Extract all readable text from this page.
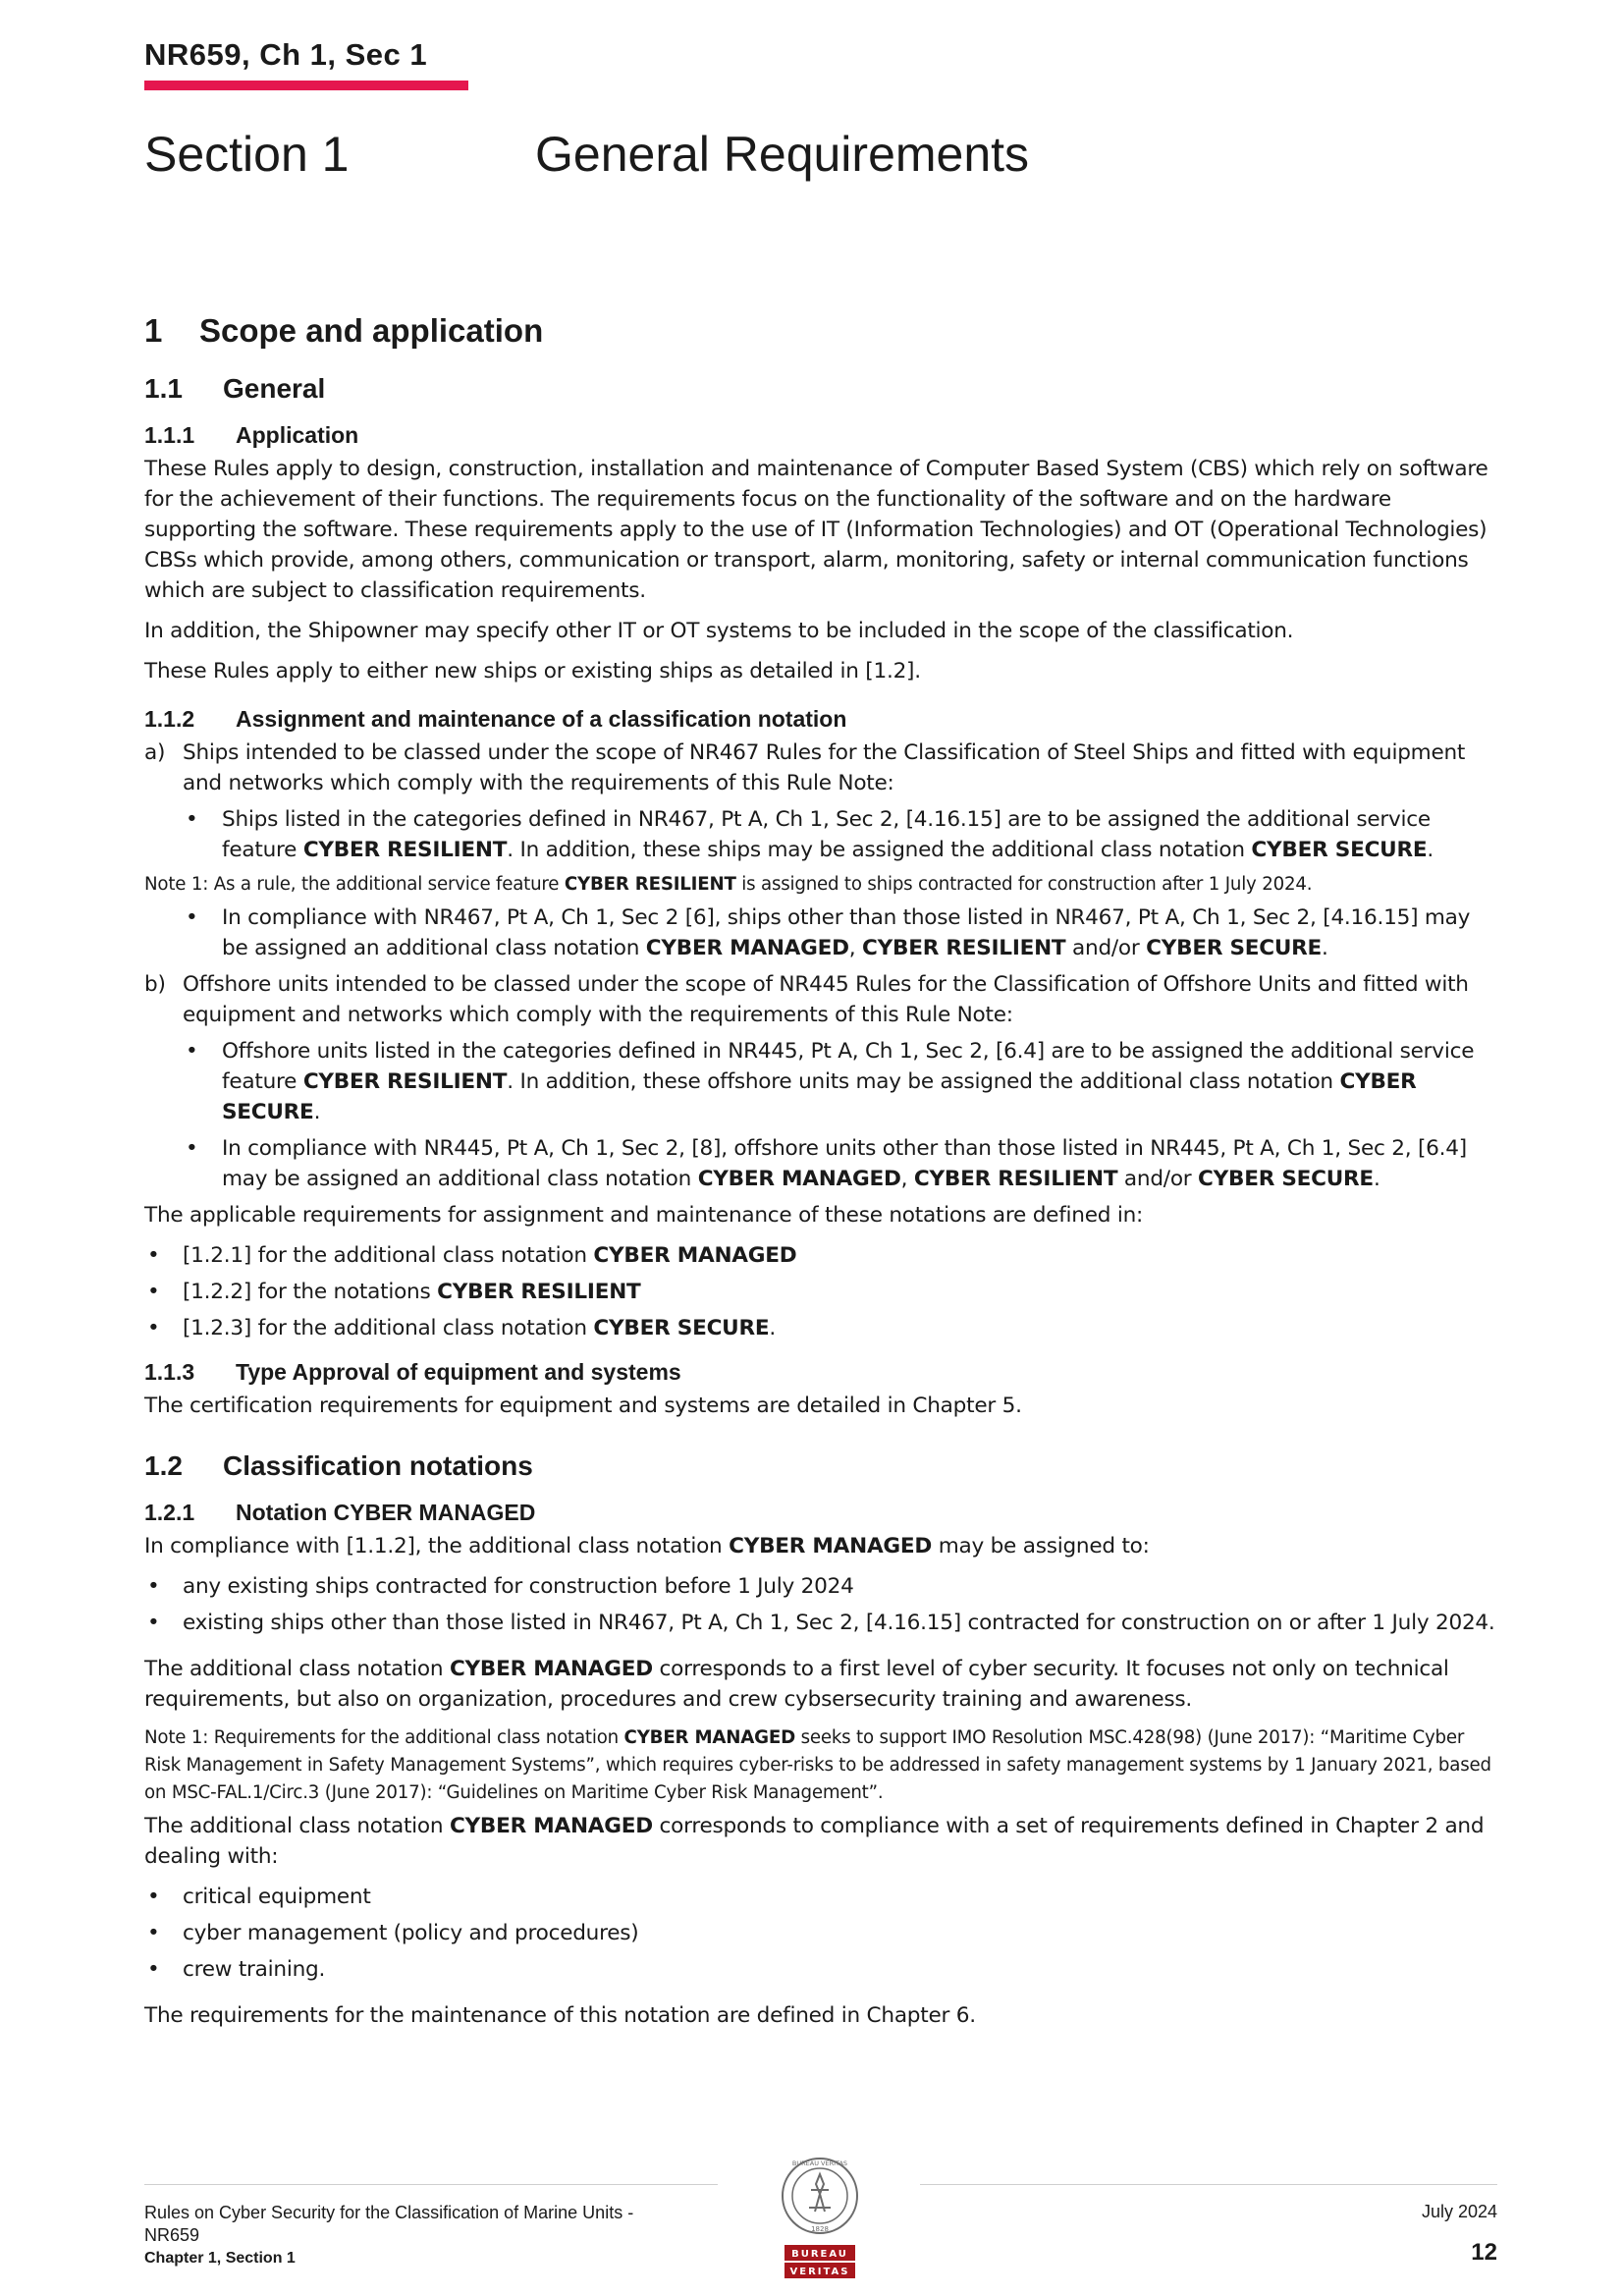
NR659, Ch 1, Sec 1
Section 1	General Requirements
1 Scope and application
1.1 General
1.1.1 Application

These Rules apply to design, construction, installation and maintenance of Computer Based System (CBS) which rely on software for the achievement of their functions. The requirements focus on the functionality of the software and on the hardware supporting the software. These requirements apply to the use of IT (Information Technologies) and OT (Operational Technologies) CBSs which provide, among others, communication or transport, alarm, monitoring, safety or internal communication functions which are subject to classification requirements.

In addition, the Shipowner may specify other IT or OT systems to be included in the scope of the classification.

These Rules apply to either new ships or existing ships as detailed in [1.2].

1.1.2 Assignment and maintenance of a classification notation
a) Ships intended to be classed under the scope of NR467 Rules for the Classification of Steel Ships and fitted with equipment and networks which comply with the requirements of this Rule Note:
• Ships listed in the categories defined in NR467, Pt A, Ch 1, Sec 2, [4.16.15] are to be assigned the additional service feature CYBER RESILIENT. In addition, these ships may be assigned the additional class notation CYBER SECURE.
Note 1: As a rule, the additional service feature CYBER RESILIENT is assigned to ships contracted for construction after 1 July 2024.
• In compliance with NR467, Pt A, Ch 1, Sec 2 [6], ships other than those listed in NR467, Pt A, Ch 1, Sec 2, [4.16.15] may be assigned an additional class notation CYBER MANAGED, CYBER RESILIENT and/or CYBER SECURE.
b) Offshore units intended to be classed under the scope of NR445 Rules for the Classification of Offshore Units and fitted with equipment and networks which comply with the requirements of this Rule Note:
• Offshore units listed in the categories defined in NR445, Pt A, Ch 1, Sec 2, [6.4] are to be assigned the additional service feature CYBER RESILIENT. In addition, these offshore units may be assigned the additional class notation CYBER SECURE.
• In compliance with NR445, Pt A, Ch 1, Sec 2, [8], offshore units other than those listed in NR445, Pt A, Ch 1, Sec 2, [6.4] may be assigned an additional class notation CYBER MANAGED, CYBER RESILIENT and/or CYBER SECURE.

The applicable requirements for assignment and maintenance of these notations are defined in:

• [1.2.1] for the additional class notation CYBER MANAGED
• [1.2.2] for the notations CYBER RESILIENT
• [1.2.3] for the additional class notation CYBER SECURE.
1.1.3 Type Approval of equipment and systems

The certification requirements for equipment and systems are detailed in Chapter 5.

1.2 Classification notations
1.2.1 Notation CYBER MANAGED

In compliance with [1.1.2], the additional class notation CYBER MANAGED may be assigned to:

• any existing ships contracted for construction before 1 July 2024
• existing ships other than those listed in NR467, Pt A, Ch 1, Sec 2, [4.16.15] contracted for construction on or after 1 July 2024.

The additional class notation CYBER MANAGED corresponds to a first level of cyber security. It focuses not only on technical requirements, but also on organization, procedures and crew cybsersecurity training and awareness.

Note 1: Requirements for the additional class notation CYBER MANAGED seeks to support IMO Resolution MSC.428(98) (June 2017): “Maritime Cyber Risk Management in Safety Management Systems”, which requires cyber-risks to be addressed in safety management systems by 1 January 2021, based on MSC-FAL.1/Circ.3 (June 2017): “Guidelines on Maritime Cyber Risk Management”.

The additional class notation CYBER MANAGED corresponds to compliance with a set of requirements defined in Chapter 2 and dealing with:

• critical equipment
• cyber management (policy and procedures)
• crew training.

The requirements for the maintenance of this notation are defined in Chapter 6.

Rules on Cyber Security for the Classification of Marine Units -
NR659
Chapter 1, Section 1
BUREAU VERITAS
1828
BUREAU
VERITAS
July 2024
12
